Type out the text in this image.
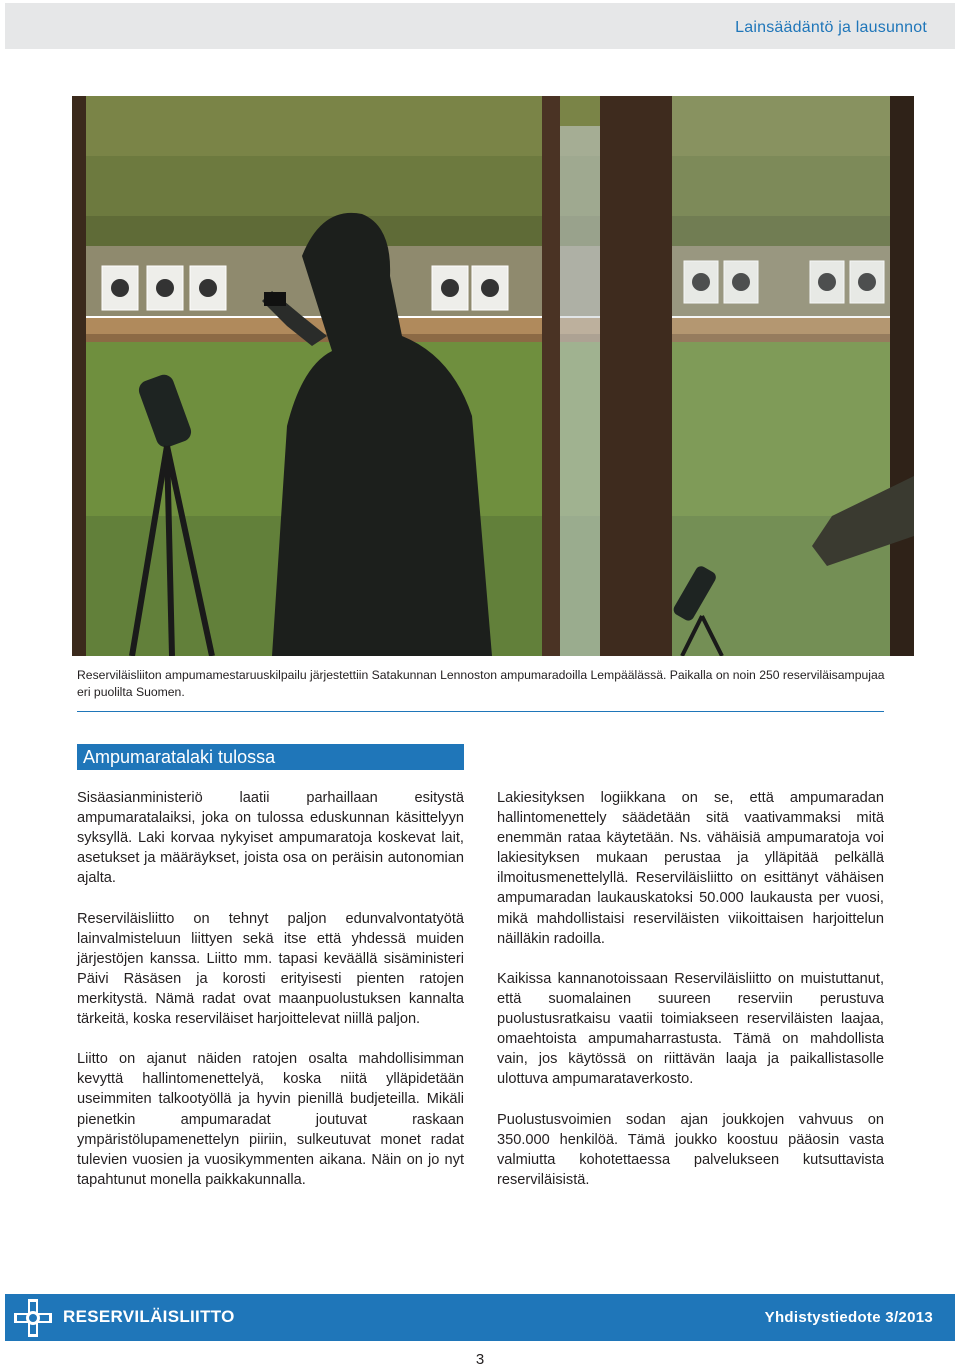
Lainsäädäntö ja lausunnot
Reserviläisliiton ampumamestaruuskilpailu järjestettiin Satakunnan Lennoston ampumaradoilla Lempäälässä. Paikalla on noin 250 reserviläisampujaa eri puolilta Suomen.
Ampumaratalaki tulossa

Sisäasianministeriö laatii parhaillaan esitystä ampumaratalaiksi, joka on tulossa eduskunnan käsittelyyn syksyllä. Laki korvaa nykyiset ampumaratoja koskevat lait, asetukset ja määräykset, joista osa on peräisin autonomian ajalta.

Reserviläisliitto on tehnyt paljon edunvalvontatyötä lainvalmisteluun liittyen sekä itse että yhdessä muiden järjestöjen kanssa. Liitto mm. tapasi keväällä sisäministeri Päivi Räsäsen ja korosti erityisesti pienten ratojen merkitystä. Nämä radat ovat maanpuolustuksen kannalta tärkeitä, koska reserviläiset harjoittelevat niillä paljon.

Liitto on ajanut näiden ratojen osalta mahdollisimman kevyttä hallintomenettelyä, koska niitä ylläpidetään useimmiten talkootyöllä ja hyvin pienillä budjeteilla. Mikäli pienetkin ampumaradat joutuvat raskaan ympäristölupamenettelyn piiriin, sulkeutuvat monet radat tulevien vuosien ja vuosikymmenten aikana. Näin on jo nyt tapahtunut monella paikkakunnalla.

Lakiesityksen logiikkana on se, että ampumaradan hallintomenettely säädetään sitä vaativammaksi mitä enemmän rataa käytetään. Ns. vähäisiä ampumaratoja voi lakiesityksen mukaan perustaa ja ylläpitää pelkällä ilmoitusmenettelyllä. Reserviläisliitto on esittänyt vähäisen ampumaradan laukauskatoksi 50.000 laukausta per vuosi, mikä mahdollistaisi reserviläisten viikoittaisen harjoittelun näilläkin radoilla.

Kaikissa kannanotoissaan Reserviläisliitto on muistuttanut, että suomalainen suureen reserviin perustuva puolustusratkaisu vaatii toimiakseen reserviläisten laajaa, omaehtoista ampumaharrastusta. Tämä on mahdollista vain, jos käytössä on riittävän laaja ja paikallistasolle ulottuva ampumarataverkosto.

Puolustusvoimien sodan ajan joukkojen vahvuus on 350.000 henkilöä. Tämä joukko koostuu pääosin vasta valmiutta kohotettaessa palvelukseen kutsuttavista reserviläisistä.

RESERVILÄISLIITTO	Yhdistystiedote 3/2013
3
